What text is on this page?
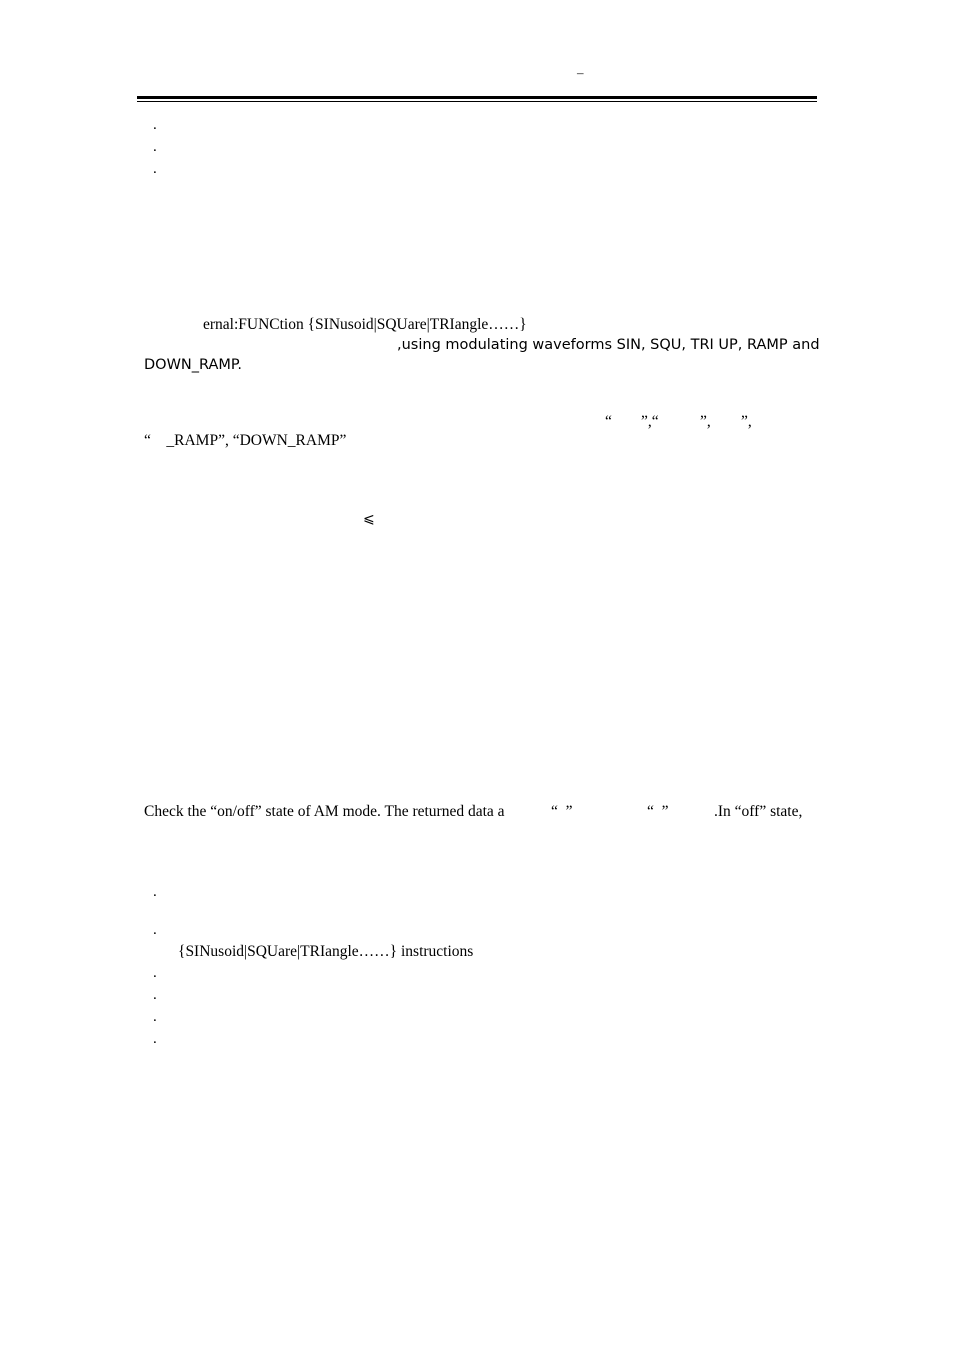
–
.
.
.
ernal:FUNCtion {SINusoid|SQUare|TRIangle……}
,using modulating waveforms SIN, SQU, TRI UP, RAMP and
DOWN_RAMP.
“ ”,“	”, ”,
“    _RAMP”, “DOWN_RAMP”
⩽
Check the “on/off” state of AM mode. The returned data a	“  ”	“  ”	.In “off” state,
.
.
{SINusoid|SQUare|TRIangle……} instructions
.
.
.
.
